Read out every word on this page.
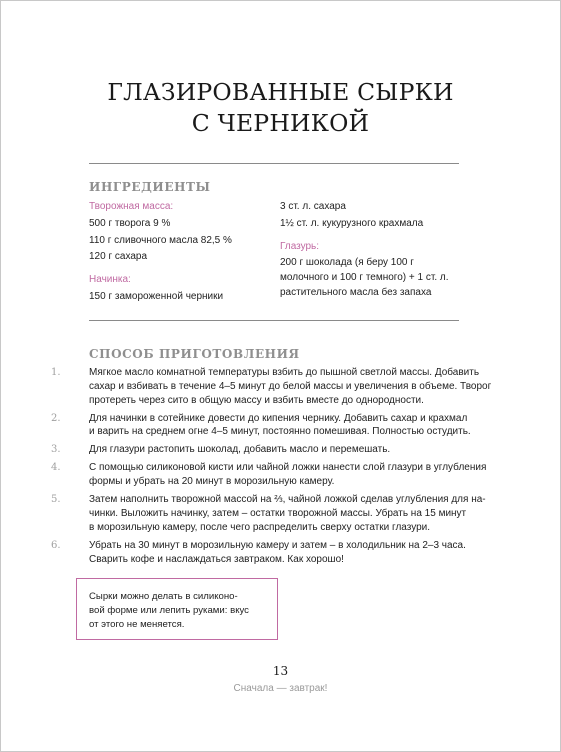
ГЛАЗИРОВАННЫЕ СЫРКИ
С ЧЕРНИКОЙ
ИНГРЕДИЕНТЫ
Творожная масса:
500 г творога 9 %
110 г сливочного масла 82,5 %
120 г сахара
Начинка:
150 г замороженной черники
3 ст. л. сахара
1½ ст. л. кукурузного крахмала
Глазурь:
200 г шоколада (я беру 100 г
молочного и 100 г темного) + 1 ст. л.
растительного масла без запаха
СПОСОБ ПРИГОТОВЛЕНИЯ
1.	Мягкое масло комнатной температуры взбить до пышной светлой массы. Добавить
сахар и взбивать в течение 4–5 минут до белой массы и увеличения в объеме. Творог
протереть через сито в общую массу и взбить вместе до однородности.
2.	Для начинки в сотейнике довести до кипения чернику. Добавить сахар и крахмал
и варить на среднем огне 4–5 минут, постоянно помешивая. Полностью остудить.
3.	Для глазури растопить шоколад, добавить масло и перемешать.
4.	С помощью силиконовой кисти или чайной ложки нанести слой глазури в углубления
формы и убрать на 20 минут в морозильную камеру.
5.	Затем наполнить творожной массой на ⅔, чайной ложкой сделав углубления для на-
чинки. Выложить начинку, затем – остатки творожной массы. Убрать на 15 минут
в морозильную камеру, после чего распределить сверху остатки глазури.
6.	Убрать на 30 минут в морозильную камеру и затем – в холодильник на 2–3 часа.
Сварить кофе и наслаждаться завтраком. Как хорошо!
Сырки можно делать в силиконо-
вой форме или лепить руками: вкус
от этого не меняется.
13
Сначала — завтрак!
